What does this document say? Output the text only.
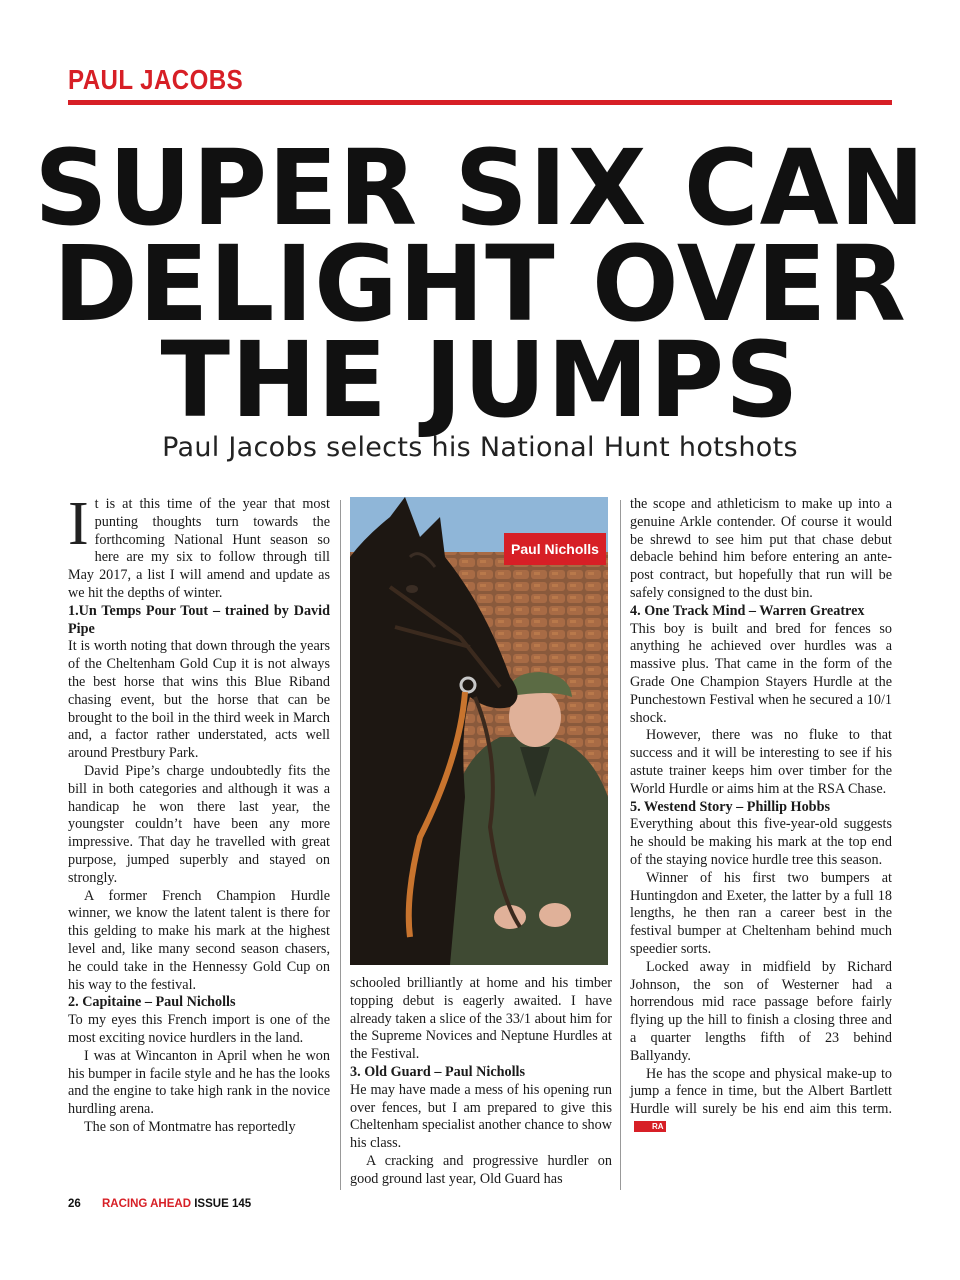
PAUL JACOBS
SUPER SIX CAN
DELIGHT OVER
THE JUMPS
Paul Jacobs selects his National Hunt hotshots

It is at this time of the year that most punting thoughts turn towards the forthcoming National Hunt season so here are my six to follow through till May 2017, a list I will amend and update as we hit the depths of winter.

1.Un Temps Pour Tout – trained by David Pipe

It is worth noting that down through the years of the Cheltenham Gold Cup it is not always the best horse that wins this Blue Riband chasing event, but the horse that can be brought to the boil in the third week in March and, a factor rather understated, acts well around Prestbury Park.

David Pipe’s charge undoubtedly fits the bill in both categories and although it was a handicap he won there last year, the youngster couldn’t have been any more impressive. That day he travelled with great purpose, jumped superbly and stayed on strongly.

A former French Champion Hurdle winner, we know the latent talent is there for this gelding to make his mark at the highest level and, like many second season chasers, he could take in the Hennessy Gold Cup on his way to the festival.

2. Capitaine – Paul Nicholls

To my eyes this French import is one of the most exciting novice hurdlers in the land.

I was at Wincanton in April when he won his bumper in facile style and he has the looks and the engine to take high rank in the novice hurdling arena.

The son of Montmatre has reportedly

Paul Nicholls

schooled brilliantly at home and his timber topping debut is eagerly awaited. I have already taken a slice of the 33/1 about him for the Supreme Novices and Neptune Hurdles at the Festival.

3. Old Guard – Paul Nicholls

He may have made a mess of his opening run over fences, but I am prepared to give this Cheltenham specialist another chance to show his class.

A cracking and progressive hurdler on good ground last year, Old Guard has

the scope and athleticism to make up into a genuine Arkle contender. Of course it would be shrewd to see him put that chase debut debacle behind him before entering an ante-post contract, but hopefully that run will be safely consigned to the dust bin.

4. One Track Mind – Warren Greatrex

This boy is built and bred for fences so anything he achieved over hurdles was a massive plus. That came in the form of the Grade One Champion Stayers Hurdle at the Punchestown Festival when he secured a 10/1 shock.

However, there was no fluke to that success and it will be interesting to see if his astute trainer keeps him over timber for the World Hurdle or aims him at the RSA Chase.

5. Westend Story – Phillip Hobbs

Everything about this five-year-old suggests he should be making his mark at the top end of the staying novice hurdle tree this season.

Winner of his first two bumpers at Huntingdon and Exeter, the latter by a full 18 lengths, he then ran a career best in the festival bumper at Cheltenham behind much speedier sorts.

Locked away in midfield by Richard Johnson, the son of Westerner had a horrendous mid race passage before fairly flying up the hill to finish a closing three and a quarter lengths fifth of 23 behind Ballyandy.

He has the scope and physical make-up to jump a fence in time, but the Albert Bartlett Hurdle will surely be his end aim this term.RA

26 RACING AHEAD ISSUE 145
